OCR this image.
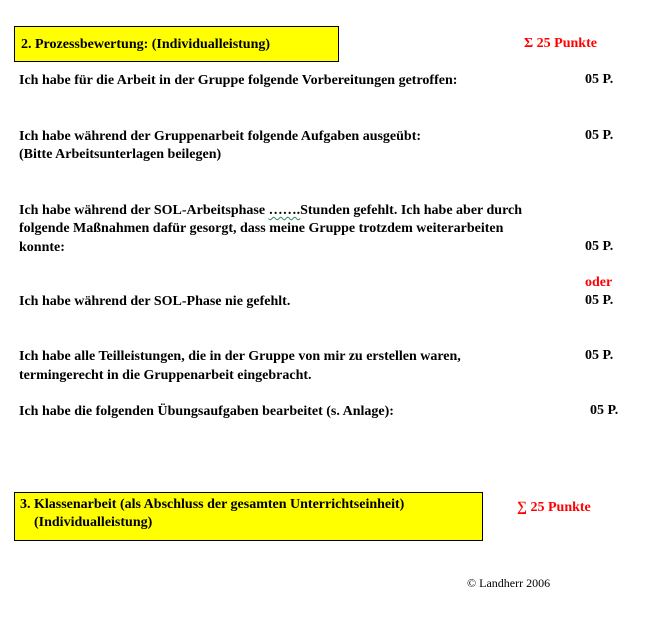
2. Prozessbewertung: (Individualleistung)	Σ 25 Punkte
Ich habe für die Arbeit in der Gruppe folgende Vorbereitungen getroffen:	05 P.
Ich habe während der Gruppenarbeit folgende Aufgaben ausgeübt:
(Bitte Arbeitsunterlagen beilegen)
05 P.
Ich habe während der SOL-Arbeitsphase …….Stunden gefehlt. Ich habe aber durch
folgende Maßnahmen dafür gesorgt, dass meine Gruppe trotzdem weiterarbeiten
konnte:	05 P.
oder
Ich habe während der SOL-Phase nie gefehlt.	05 P.
Ich habe alle Teilleistungen, die in der Gruppe von mir zu erstellen waren,
termingerecht in die Gruppenarbeit eingebracht.
05 P.
Ich habe die folgenden Übungsaufgaben bearbeitet (s. Anlage):	05 P.
3. Klassenarbeit (als Abschluss der gesamten Unterrichtseinheit)
(Individualleistung)
∑ 25 Punkte
© Landherr 2006
